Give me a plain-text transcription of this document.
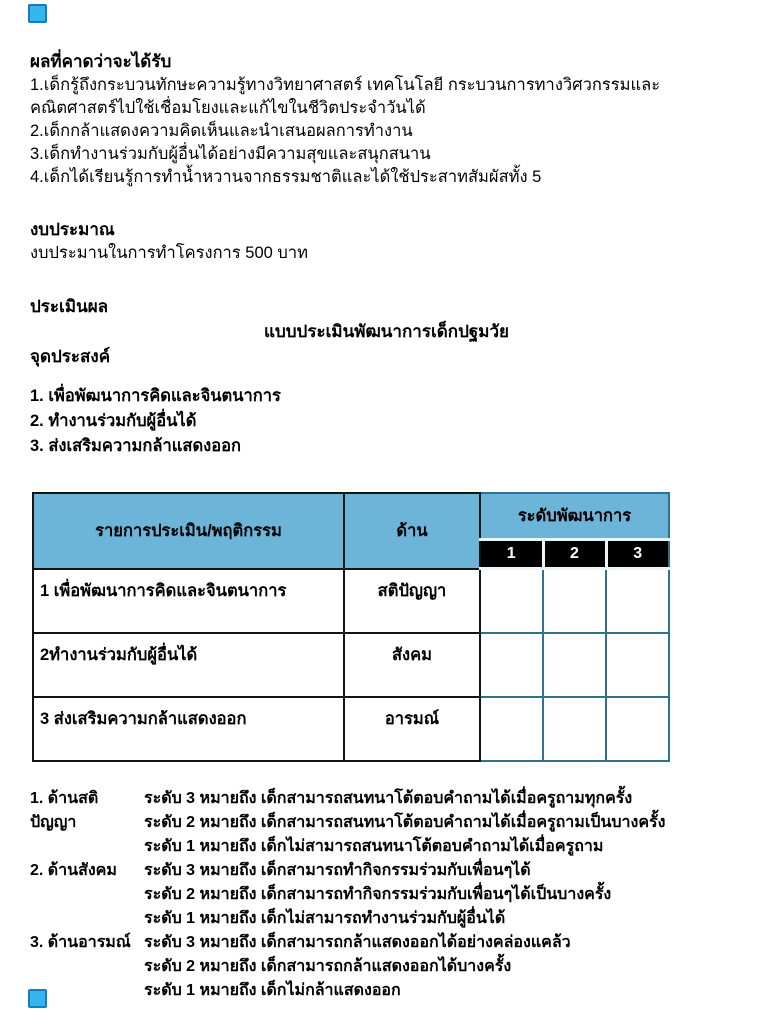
ผลที่คาดว่าจะได้รับ
1.เด็กรู้ถึงกระบวนทักษะความรู้ทางวิทยาศาสตร์ เทคโนโลยี กระบวนการทางวิศวกรรมและคณิตศาสตร์ไปใช้เชื่อมโยงและแก้ไขในชีวิตประจำวันได้
2.เด็กกล้าแสดงความคิดเห็นและนำเสนอผลการทำงาน
3.เด็กทำงานร่วมกับผู้อื่นได้อย่างมีความสุขและสนุกสนาน
4.เด็กได้เรียนรู้การทำน้ำหวานจากธรรมชาติและได้ใช้ประสาทสัมผัสทั้ง 5
งบประมาณ
งบประมานในการทำโครงการ 500 บาท
ประเมินผล
แบบประเมินพัฒนาการเด็กปฐมวัย
จุดประสงค์
1. เพื่อพัฒนาการคิดและจินตนาการ
2. ทำงานร่วมกับผู้อื่นได้
3. ส่งเสริมความกล้าแสดงออก
รายการประเมิน/พฤติกรรม	ด้าน	ระดับพัฒนาการ		
		1	2	3
1 เพื่อพัฒนาการคิดและจินตนาการ	สติปัญญา			
2ทำงานร่วมกับผู้อื่นได้	สังคม			
3 ส่งเสริมความกล้าแสดงออก	อารมณ์			
1. ด้านสติปัญญา
ระดับ 3 หมายถึง เด็กสามารถสนทนาโต้ตอบคำถามได้เมื่อครูถามทุกครั้ง
ระดับ 2 หมายถึง เด็กสามารถสนทนาโต้ตอบคำถามได้เมื่อครูถามเป็นบางครั้ง
ระดับ 1 หมายถึง เด็กไม่สามารถสนทนาโต้ตอบคำถามได้เมื่อครูถาม
2. ด้านสังคม	ระดับ 3 หมายถึง เด็กสามารถทำกิจกรรมร่วมกับเพื่อนๆได้
ระดับ 2 หมายถึง เด็กสามารถทำกิจกรรมร่วมกับเพื่อนๆได้เป็นบางครั้ง
ระดับ 1 หมายถึง เด็กไม่สามารถทำงานร่วมกับผู้อื่นได้
3. ด้านอารมณ์ ระดับ 3 หมายถึง เด็กสามารถกล้าแสดงออกได้อย่างคล่องแคล้ว
ระดับ 2 หมายถึง เด็กสามารถกล้าแสดงออกได้บางครั้ง
ระดับ 1 หมายถึง เด็กไม่กล้าแสดงออก
